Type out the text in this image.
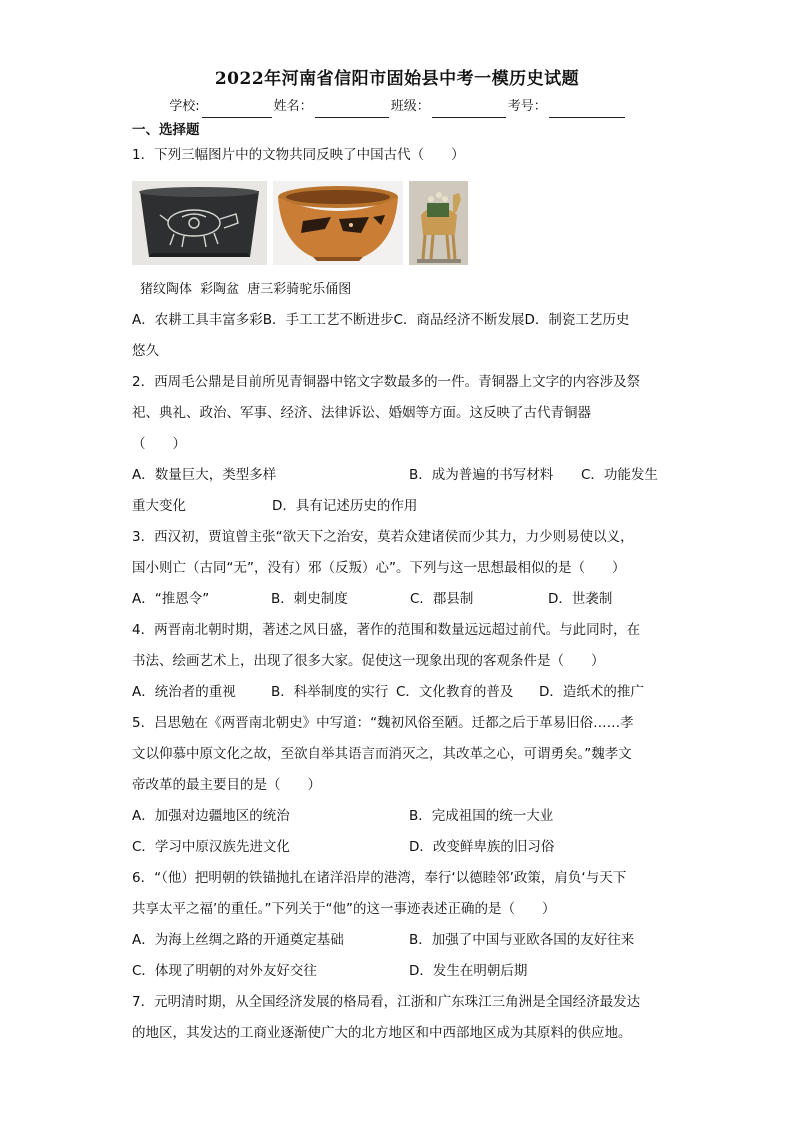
2022年河南省信阳市固始县中考一模历史试题
学校:	姓名：	班级：	考号：
一、选择题

1．下列三幅图片中的文物共同反映了中国古代（　　）

猪纹陶体 彩陶盆 唐三彩骑驼乐俑图
A．农耕工具丰富多彩 B．手工工艺不断进步 C．商品经济不断发展 D．制瓷工艺历史

悠久

2．西周毛公鼎是目前所见青铜器中铭文字数最多的一件。青铜器上文字的内容涉及祭

祀、典礼、政治、军事、经济、法律诉讼、婚姻等方面。这反映了古代青铜器

（　　）

A．数量巨大，类型多样	B．成为普遍的书写材料	C．功能发生
重大变化	D．具有记述历史的作用

3．西汉初，贾谊曾主张“欲天下之治安，莫若众建诸侯而少其力，力少则易使以义，

国小则亡（古同“无”，没有）邪（反叛）心”。下列与这一思想最相似的是（　　）

A．“推恩令”	B．刺史制度	C．郡县制	D．世袭制

4．两晋南北朝时期，著述之风日盛，著作的范围和数量远远超过前代。与此同时，在

书法、绘画艺术上，出现了很多大家。促使这一现象出现的客观条件是（　　）

A．统治者的重视	B．科举制度的实行 C．文化教育的普及	D．造纸术的推广

5．吕思勉在《两晋南北朝史》中写道：“魏初风俗至陋。迁都之后于革易旧俗……孝

文以仰慕中原文化之故，至欲自举其语言而消灭之，其改革之心，可谓勇矣。”魏孝文

帝改革的最主要目的是（　　）

A．加强对边疆地区的统治	B．完成祖国的统一大业
C．学习中原汉族先进文化	D．改变鲜卑族的旧习俗

6．“（他）把明朝的铁锚抛扎在诸洋沿岸的港湾，奉行‘以德睦邻’政策，肩负‘与天下

共享太平之福’的重任。”下列关于“他”的这一事迹表述正确的是（　　）

A．为海上丝绸之路的开通奠定基础	B．加强了中国与亚欧各国的友好往来
C．体现了明朝的对外友好交往	D．发生在明朝后期

7．元明清时期，从全国经济发展的格局看，江浙和广东珠江三角洲是全国经济最发达

的地区，其发达的工商业逐渐使广大的北方地区和中西部地区成为其原料的供应地。
